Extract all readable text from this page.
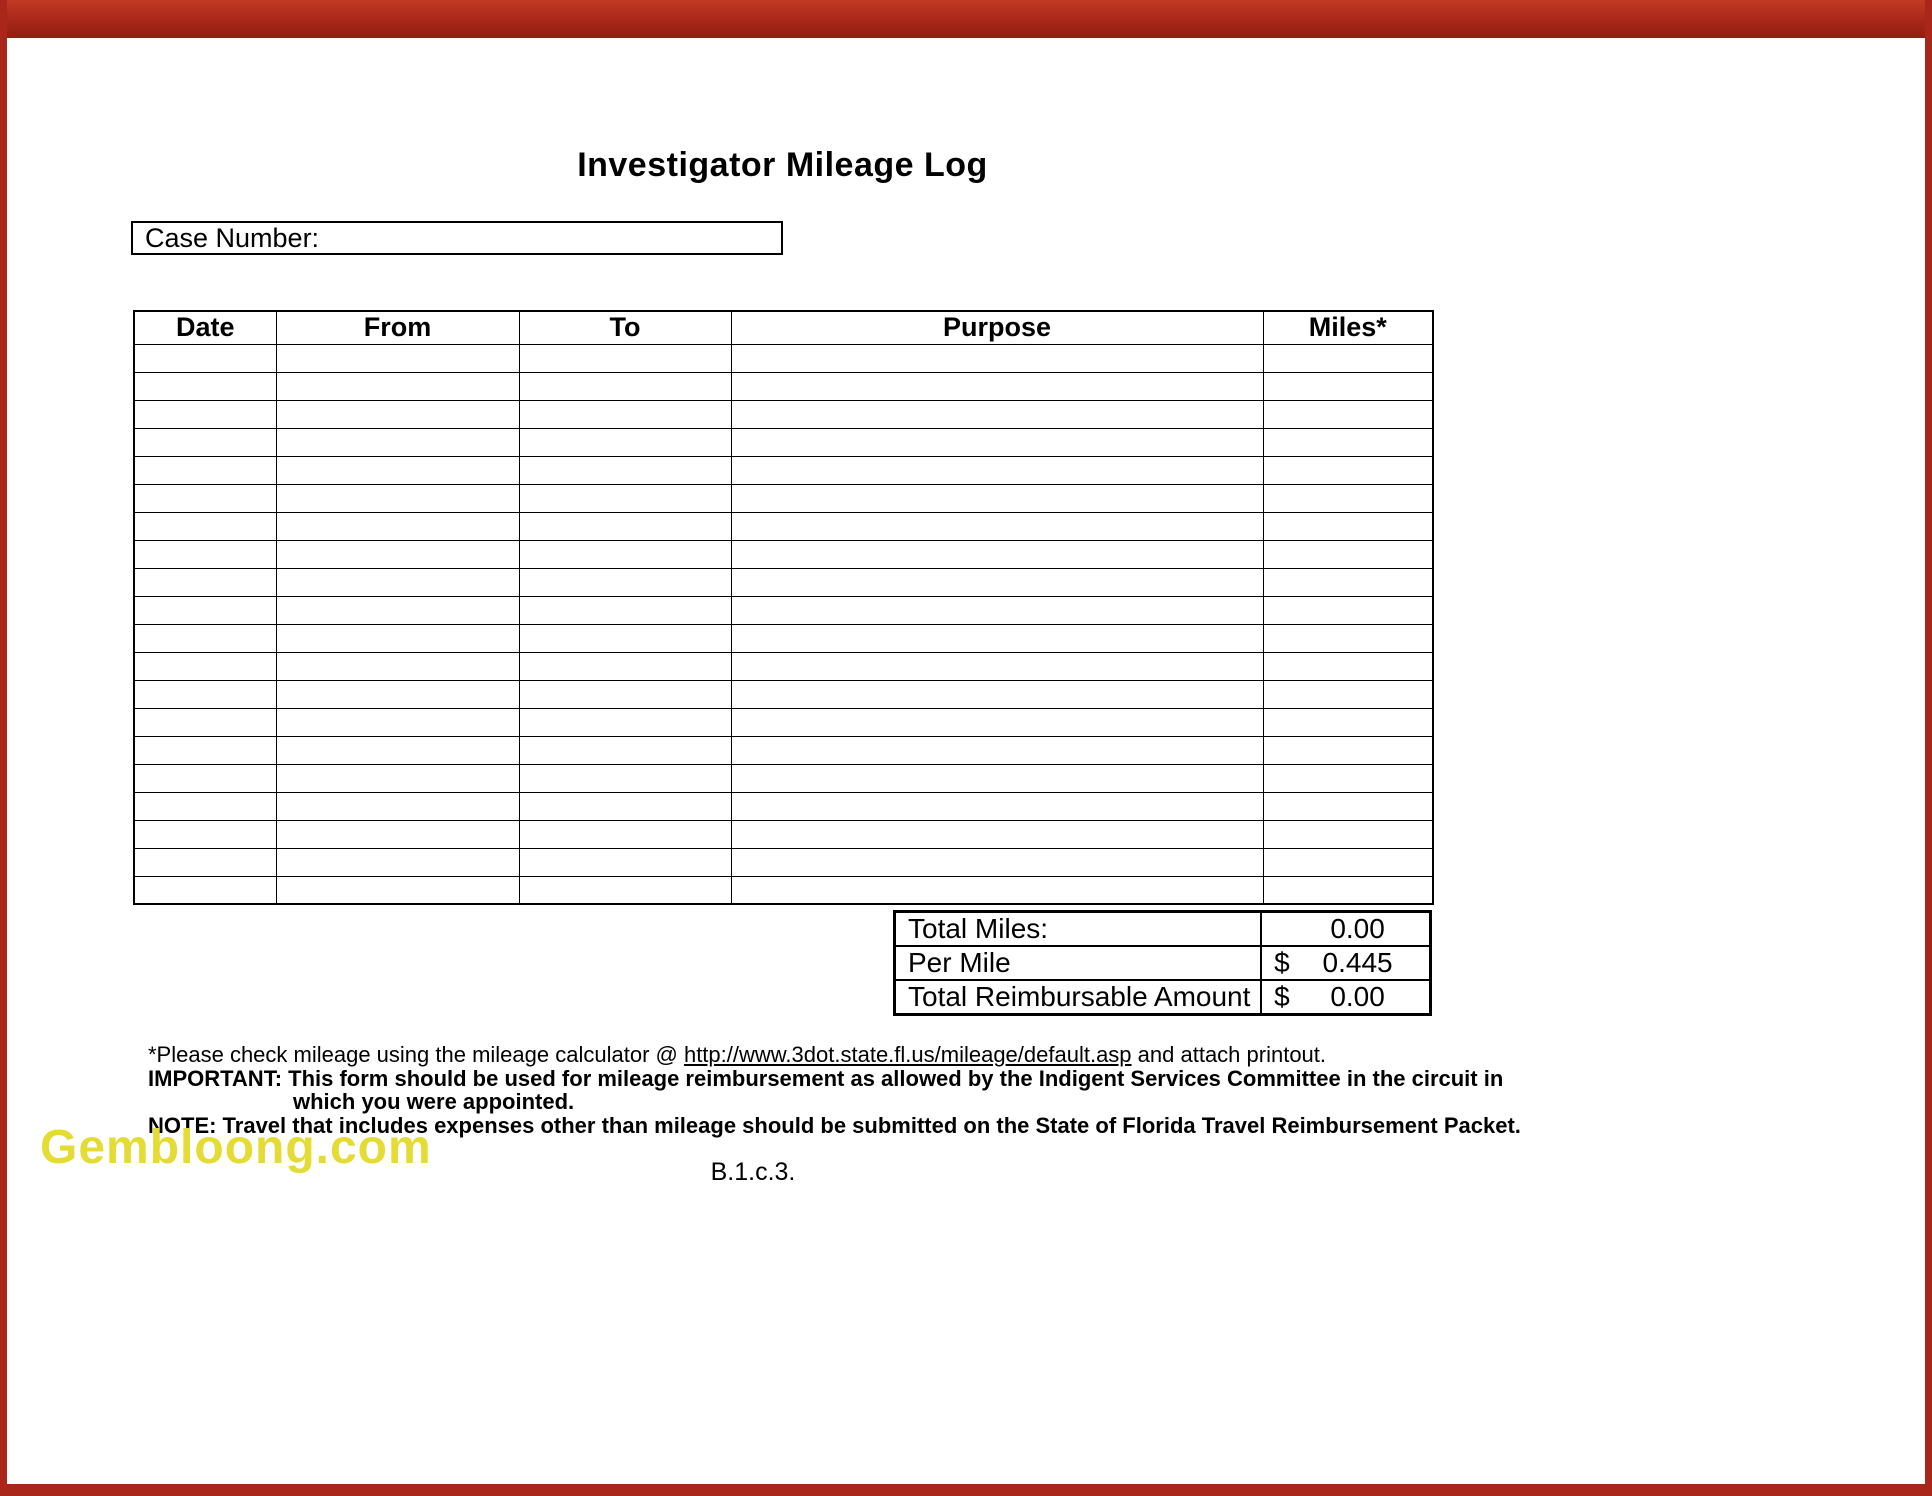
Investigator Mileage Log
Case Number:
Date	From	To	Purpose	Miles*

Total Miles:	0.00

Per Mile	$ 0.445

Total Reimbursable Amount	$ 0.00
*Please check mileage using the mileage calculator @ http://www.3dot.state.fl.us/mileage/default.asp and attach printout.
IMPORTANT: This form should be used for mileage reimbursement as allowed by the Indigent Services Committee in the circuit in
which you were appointed.
NOTE: Travel that includes expenses other than mileage should be submitted on the State of Florida Travel Reimbursement Packet.
Gembloong.com	B.1.c.3.
